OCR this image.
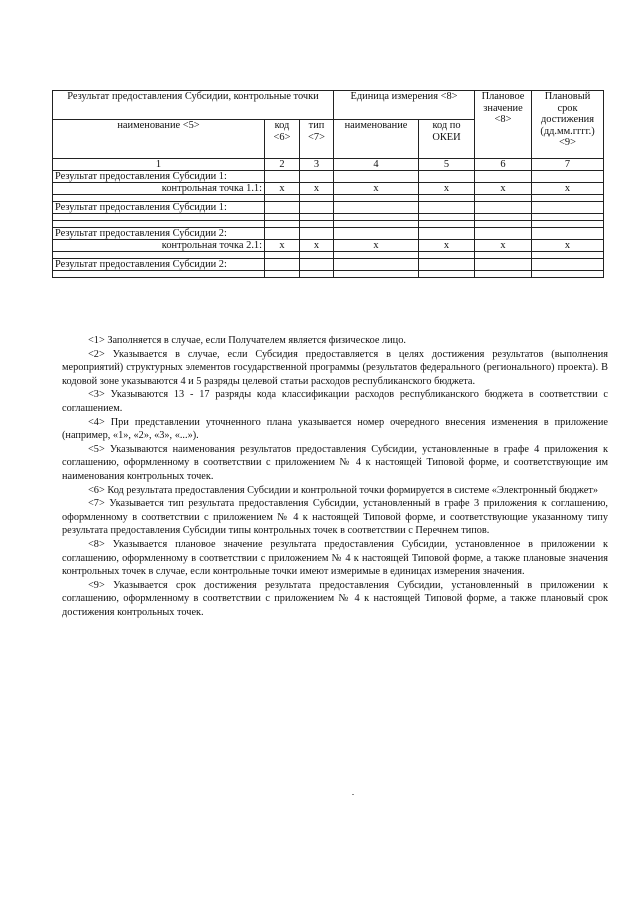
Результат предоставления Субсидии, контрольные точки			Единица измерения <8>		Плановое значение <8>	Плановый срок достижения (дд.мм.гггг.) <9>
наименование <5>	код <6>	тип <7>	наименование	код по ОКЕИ		
1	2	3	4	5	6	7
Результат предоставления Субсидии 1:						
контрольная точка 1.1:	x	x	x	x	x	x

Результат предоставления Субсидии 1:						

Результат предоставления Субсидии 2:						
контрольная точка 2.1:	x	x	x	x	x	x

Результат предоставления Субсидии 2:						

<1> Заполняется в случае, если Получателем является физическое лицо.

<2> Указывается в случае, если Субсидия предоставляется в целях достижения результатов (выполнения мероприятий) структурных элементов государственной программы (результатов федерального (регионального) проекта). В кодовой зоне указываются 4 и 5 разряды целевой статьи расходов республиканского бюджета.

<3> Указываются 13 - 17 разряды кода классификации расходов республиканского бюджета в соответствии с соглашением.

<4> При представлении уточненного плана указывается номер очередного внесения изменения в приложение (например, «1», «2», «3», «...»).

<5> Указываются наименования результатов предоставления Субсидии, установленные в графе 4 приложения к соглашению, оформленному в соответствии с приложением № 4 к настоящей Типовой форме, и соответствующие им наименования контрольных точек.

<6> Код результата предоставления Субсидии и контрольной точки формируется в системе «Электронный бюджет»

<7> Указывается тип результата предоставления Субсидии, установленный в графе 3 приложения к соглашению, оформленному в соответствии с приложением № 4 к настоящей Типовой форме, и соответствующие указанному типу результата предоставления Субсидии типы контрольных точек в соответствии с Перечнем типов.

<8> Указывается плановое значение результата предоставления Субсидии, установленное в приложении к соглашению, оформленному в соответствии с приложением № 4 к настоящей Типовой форме, а также плановые значения контрольных точек в случае, если контрольные точки имеют измеримые в единицах измерения значения.

<9> Указывается срок достижения результата предоставления Субсидии, установленный в приложении к соглашению, оформленному в соответствии с приложением № 4 к настоящей Типовой форме, а также плановый срок достижения контрольных точек.
